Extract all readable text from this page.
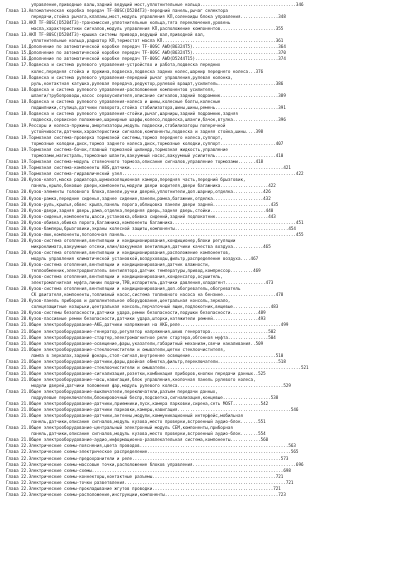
управление,приводные валы,задний ведущий мост,уплотнительные кольца......................................346
Глава 13.Автоматическая коробка передач TF-80SC(D5204T3)-передний панель,рычаг селектора
передачи,стойка рычага,клапаны,мост,модуль управления КП,соленоиды блока управления...............348
Глава 13.АКП TF-80SC(D5204T3)-трансмиссия,уплотнительные кольца,тяга переключения,уровень
масла,характеристики сигналов,модуль управления КП,расположение компонентов......................355
Глава 13.АКП TF-80SC(D5204T3)-крышка системы привода,ведущий вал,приводной вал,
уплотнительные кольца,радиатор КП,термостат масла КП.............................................361
Глава 14.Дополнение по автоматической коробке передач TF-80SC AWD(B6324T5)..................................364
Глава 15.Дополнение по автоматической коробке передач TF-80SC AWD(B6324T5)..................................370
Глава 16.Дополнение по автоматической коробке передач TF-80SC AWD(D5244T15).................................374
Глава 17.Подвеска и система рулевого управления-устройство и работа,подвеска передних
колес,передняя стойка и пружина,подвеска,подвеска задних колес,шарнир переднего колеса...376
Глава 18.Подвеска и система рулевого управления-передний рычаг управления,рулевая колонка,
руль,контактная катушка,рулевая передача,редуктор,рулевой вращат,усилитель.......................386
Глава 18.Подвеска и система рулевого управления-расположение компонентов усилителя,
шланги/трубопроводы,насос сервоусилителя,описание сигналов,задний подрамник.......................389
Глава 18.Подвеска и система рулевого управления-колеса и шины,колесные болты,колесные
подшипники,ступица,датчики поворота,стойка стабилизатора,шины,шины,ремень.........................391
Глава 18.Подвеска и система рулевого управления-стойки,рычаг,шарниры,задний подрамник,задняя
подвеска,сервисное положение,шарнирные шарфы,колесо,подвеска,шланги,бачок,втулка..................396
Глава 19.Рессоры и колеса-пружины,амортизаторы,модуль подвески,стабилизаторы поперечной
устойчивости,датчики,характеристики сигналов,компоненты,подвеска и задняя стойка,шины....398
Глава 19.Тормозная система-проверка тормозной системы,тормоз переднего колеса,суппорт,
тормозные колодки,диск,тормоз заднего колеса,диск,тормозные колодки,суппорт......................407
Глава 19.Тормозная система-бачок,главный тормозной цилиндр,тормозная жидкость,управление
тормозами,магистраль,тормозные шланги,вакуумный насос,вакуумный усилитель........................410
Глава 19.Тормозная система-модуль стояночного тормоза,описание сигналов,управление тормозами.......418
Глава 19.Тормозная система-компоненты ABS,датчики.............................................................421
Глава 19.Тормозная система-гидравлический узел.....................................................................422
Глава 20.Кузов-капот,маска радиатора,шумоизоляционная камера,передняя часть,передний брызговик,
панель,крыло,боковые двери,компоненты,модули двери водителя,двери багажника...................422
Глава 20.Кузов-элементы головного блока,панели,ручки дверей,уплотнители,доп.шарнир,отделка............426
Глава 20.Кузов-рамка,передние сиденья,заднее сидение,панели,рамка,багажник,отделка....................432
Глава 20.Кузов-руль,крылья,обвес крыла,панель порога,облицовка панели двери задней.......................435
Глава 20.Кузов-двери,задняя дверь,рама,отделка,передняя дверь,задняя дверь,стойки......................440
Глава 20.Кузов-сиденья,компоненты,шасси,установка,обивка сидений,задний подлокотник.....................443
Глава 20.Кузов-обивка,обивка порога,багажника,компоненты багажника.................................................451
Глава 20.Кузов-бамперы,брызговики,экраны колесной защиты,компоненты.............................................454
Глава 20.Кузов-люк,компоненты,потолочная панель....................................................................455
Глава 20.Кузов-система отопления,вентиляции и кондиционирования,кондиционер,блоки регуляции
микроклимата,вакуумные отсеки,клин/вакуумная вентиляция,датчики качества воздуха............465
Глава 20.Кузов-система отопления,вентиляции и кондиционирования,расположение компонентов,
модуль управления климатической установкой,воздуховоды,фильтр,распределение воздуха....467
Глава 20.Кузов-система отопления,вентиляции и кондиционирования,датчик влажности,
теплообменник,электродвигатель вентилятора,датчик температуры,привод,компрессор.........469
Глава 20.Кузов-система отопления,вентиляции и кондиционирования,конденсатор,осушитель,
электромагнитная муфта,линии подачи,ТРВ,испаритель,датчики давления,хладагент................473
Глава 20.Кузов-система отопления,вентиляции и кондиционирования,доп.обогреватель,обогреватель
СК двигателя,компоненты,топливный насос,система топливного насоса на бензине.....................478
Глава 20.Кузов-панель приборов и дополнительное оборудование,центральная консоль,зеркало,
солнцезащитные козырьки,центральная консоль,перчаточный ящик,подлокотник,вещевые...............483
Глава 20.Кузов-системы безопасности,датчики удара,ремни безопасности,подушки безопасности...........489
Глава 20.Кузов-пассивные ремни безопасности,датчики удара,шторки,натяжители ремней..................493
Глава 21.Общее электрооборудование-АКБ,датчики напряжения на АКБ,реле........................................499
Глава 21.Общее электрооборудование-генератор,регулятор напряжения,шкив генератора.......................502
Глава 21.Общее электрооборудование-стартер,электромагнитное реле стартера,обгонная муфта................504
Глава 21.Общее электрооборудование-освещение,фары,указатели,габаритный механизм,свечи накаливания..509
Глава 21.Общее электрооборудование-стеклоочистители и омыватели,щетки стеклоочистителя,
лампа в зеркалах,задний фонарь,стоп-сигнал,внутреннее освещение..................................510
Глава 21.Общее электрооборудование-датчики,фары,двойная обмотка,фильтр,переключатели........................518
Глава 21.Общее электрооборудование-стеклоочистители и омыватели......................................................521
Глава 21.Общее электрооборудование-сигнализация,розетки,комбинация приборов,кнопки передачи данных..525
Глава 21.Общее электрооборудование-часы,навигация,блок управления,кнопочная панель рулевого колеса,
модули дверей,датчики положения фар,модуль рулевого колеса..........................................529
Глава 21.Общее электрооборудование-выключатели,переключатели,разъем передачи данных,
подрулевые переключатели,блокировочный беспр,подсветка,сигнализация,концевые...................538
Глава 21.Общее электрооборудование-датчики,приемники,пуск,камера парковки,сирена,сеть MOST...........542
Глава 21.Общее электрооборудование-датчики парковки,камеры,навигация.............................................546
Глава 21.Общее электрооборудование-датчики,антенны,модули,коммуникационный интерфейс,мобильная
панель,датчики,описание сигналов,модуль кузова,место проверки,встроенный аудио-блок.......551
Глава 21.Общее электрооборудование-центральный электронный модуль CEM,компоненты,приборная
панель,датчики,описание сигналов,модуль кузова,место проверки,встроенный аудио-блок.......554
Глава 21.Общее электрооборудование-аудио,информационно-развлекательная система,компоненты............560
Глава 22.Электрические схемы-пояснения,цвета проводов...........................................................563
Глава 22.Электрические схемы-электрическое распределение.........................................................565
Глава 22.Электрические схемы-предохранители и реле...........................................................573
Глава 22.Электрические схемы-массовые точки,расположение блоков управления.........................................696
Глава 22.Электрические схемы-схемы............................................................................698
Глава 22.Электрические схемы-коннекторы,контактные разъемы.................................................721
Глава 22.Электрические схемы-точки разветвления................................................................721
Глава 22.Электрические схемы-прокладывание жгутов проводки................................................721
Глава 22.Электрические схемы-расположение,инструкции,компоненты.............................................723
